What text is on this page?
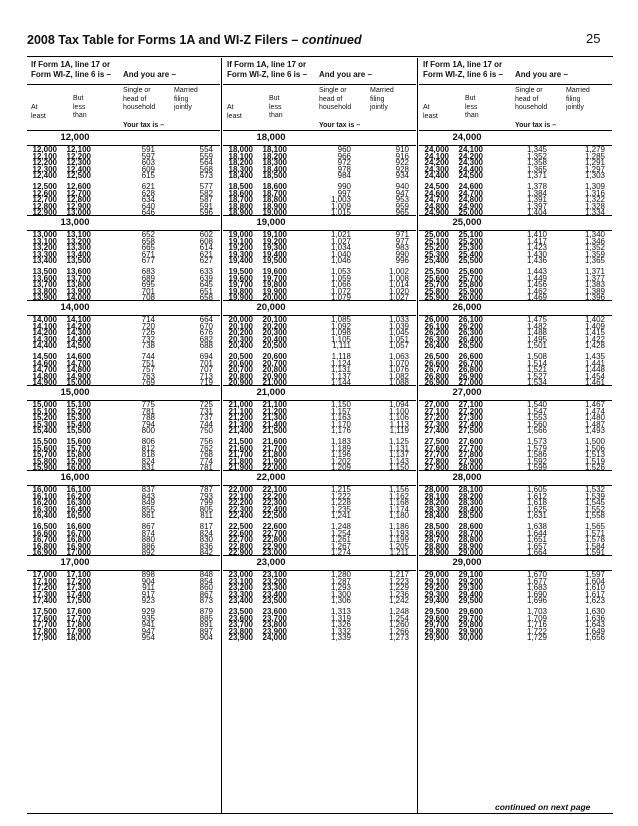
2008 Tax Table for Forms 1A and WI-Z Filers – continued	25
If Form 1A, line 17 or
Form WI-Z, line 6 is – And you are –
At
least
But
less
than
Single or
head of
household
Married
filing
jointly
Your tax is –
12,000
12,000	12,100	591	554
12,100	12,200	597	559
12,200	12,300	603	564
12,300	12,400	609	568
12,400	12,500	615	573
12,500	12,600	621	577
12,600	12,700	628	582
12,700	12,800	634	587
12,800	12,900	640	591
12,900	13,000	646	596
13,000
13,000	13,100	652	602
13,100	13,200	658	608
13,200	13,300	665	614
13,300	13,400	671	621
13,400	13,500	677	627
13,500	13,600	683	633
13,600	13,700	689	639
13,700	13,800	695	645
13,800	13,900	701	651
13,900	14,000	708	658
14,000
14,000	14,100	714	664
14,100	14,200	720	670
14,200	14,300	726	676
14,300	14,400	732	682
14,400	14,500	738	688
14,500	14,600	744	694
14,600	14,700	751	701
14,700	14,800	757	707
14,800	14,900	763	713
14,900	15,000	769	719
15,000
15,000	15,100	775	725
15,100	15,200	781	731
15,200	15,300	788	737
15,300	15,400	794	744
15,400	15,500	800	750
15,500	15,600	806	756
15,600	15,700	812	762
15,700	15,800	818	768
15,800	15,900	824	774
15,900	16,000	831	781
16,000
16,000	16,100	837	787
16,100	16,200	843	793
16,200	16,300	849	799
16,300	16,400	855	805
16,400	16,500	861	811
16,500	16,600	867	817
16,600	16,700	874	824
16,700	16,800	880	830
16,800	16,900	886	836
16,900	17,000	892	842
17,000
17,000	17,100	898	848
17,100	17,200	904	854
17,200	17,300	911	860
17,300	17,400	917	867
17,400	17,500	923	873
17,500	17,600	929	879
17,600	17,700	935	885
17,700	17,800	941	891
17,800	17,900	947	897
17,900	18,000	954	904
If Form 1A, line 17 or
Form WI-Z, line 6 is – And you are –
At
least
But
less
than
Single or
head of
household
Married
filing
jointly
Your tax is –
18,000
18,000	18,100	960	910
18,100	18,200	966	916
18,200	18,300	972	922
18,300	18,400	978	928
18,400	18,500	984	934
18,500	18,600	990	940
18,600	18,700	997	947
18,700	18,800	1,003	953
18,800	18,900	1,009	959
18,900	19,000	1,015	965
19,000
19,000	19,100	1,021	971
19,100	19,200	1,027	977
19,200	19,300	1,034	983
19,300	19,400	1,040	990
19,400	19,500	1,046	996
19,500	19,600	1,053	1,002
19,600	19,700	1,059	1,008
19,700	19,800	1,066	1,014
19,800	19,900	1,072	1,020
19,900	20,000	1,079	1,027
20,000
20,000	20,100	1,085	1,033
20,100	20,200	1,092	1,039
20,200	20,300	1,098	1,045
20,300	20,400	1,105	1,051
20,400	20,500	1,111	1,057
20,500	20,600	1,118	1,063
20,600	20,700	1,124	1,070
20,700	20,800	1,131	1,076
20,800	20,900	1,137	1,082
20,900	21,000	1,144	1,088
21,000
21,000	21,100	1,150	1,094
21,100	21,200	1,157	1,100
21,200	21,300	1,163	1,106
21,300	21,400	1,170	1,113
21,400	21,500	1,176	1,119
21,500	21,600	1,183	1,125
21,600	21,700	1,189	1,131
21,700	21,800	1,196	1,137
21,800	21,900	1,202	1,143
21,900	22,000	1,209	1,150
22,000
22,000	22,100	1,215	1,156
22,100	22,200	1,222	1,162
22,200	22,300	1,228	1,168
22,300	22,400	1,235	1,174
22,400	22,500	1,241	1,180
22,500	22,600	1,248	1,186
22,600	22,700	1,254	1,193
22,700	22,800	1,261	1,199
22,800	22,900	1,267	1,205
22,900	23,000	1,274	1,211
23,000
23,000	23,100	1,280	1,217
23,100	23,200	1,287	1,223
23,200	23,300	1,293	1,229
23,300	23,400	1,300	1,236
23,400	23,500	1,306	1,242
23,500	23,600	1,313	1,248
23,600	23,700	1,319	1,254
23,700	23,800	1,326	1,260
23,800	23,900	1,332	1,266
23,900	24,000	1,339	1,273
If Form 1A, line 17 or
Form WI-Z, line 6 is – And you are –
At
least
But
less
than
Single or
head of
household
Married
filing
jointly
Your tax is –
24,000
24,000	24,100	1,345	1,279
24,100	24,200	1,352	1,285
24,200	24,300	1,358	1,291
24,300	24,400	1,365	1,297
24,400	24,500	1,371	1,303
24,500	24,600	1,378	1,309
24,600	24,700	1,384	1,316
24,700	24,800	1,391	1,322
24,800	24,900	1,397	1,328
24,900	25,000	1,404	1,334
25,000
25,000	25,100	1,410	1,340
25,100	25,200	1,417	1,346
25,200	25,300	1,423	1,352
25,300	25,400	1,430	1,359
25,400	25,500	1,436	1,365
25,500	25,600	1,443	1,371
25,600	25,700	1,449	1,377
25,700	25,800	1,456	1,383
25,800	25,900	1,462	1,389
25,900	26,000	1,469	1,396
26,000
26,000	26,100	1,475	1,402
26,100	26,200	1,482	1,409
26,200	26,300	1,488	1,415
26,300	26,400	1,495	1,422
26,400	26,500	1,501	1,428
26,500	26,600	1,508	1,435
26,600	26,700	1,514	1,441
26,700	26,800	1,521	1,448
26,800	26,900	1,527	1,454
26,900	27,000	1,534	1,461
27,000
27,000	27,100	1,540	1,467
27,100	27,200	1,547	1,474
27,200	27,300	1,553	1,480
27,300	27,400	1,560	1,487
27,400	27,500	1,566	1,493
27,500	27,600	1,573	1,500
27,600	27,700	1,579	1,506
27,700	27,800	1,586	1,513
27,800	27,900	1,592	1,519
27,900	28,000	1,599	1,526
28,000
28,000	28,100	1,605	1,532
28,100	28,200	1,612	1,539
28,200	28,300	1,618	1,545
28,300	28,400	1,625	1,552
28,400	28,500	1,631	1,558
28,500	28,600	1,638	1,565
28,600	28,700	1,644	1,571
28,700	28,800	1,651	1,578
28,800	28,900	1,657	1,584
28,900	29,000	1,664	1,591
29,000
29,000	29,100	1,670	1,597
29,100	29,200	1,677	1,604
29,200	29,300	1,683	1,610
29,300	29,400	1,690	1,617
29,400	29,500	1,696	1,623
29,500	29,600	1,703	1,630
29,600	29,700	1,709	1,636
29,700	29,800	1,716	1,643
29,800	29,900	1,722	1,649
29,900	30,000	1,729	1,656
continued on next page
